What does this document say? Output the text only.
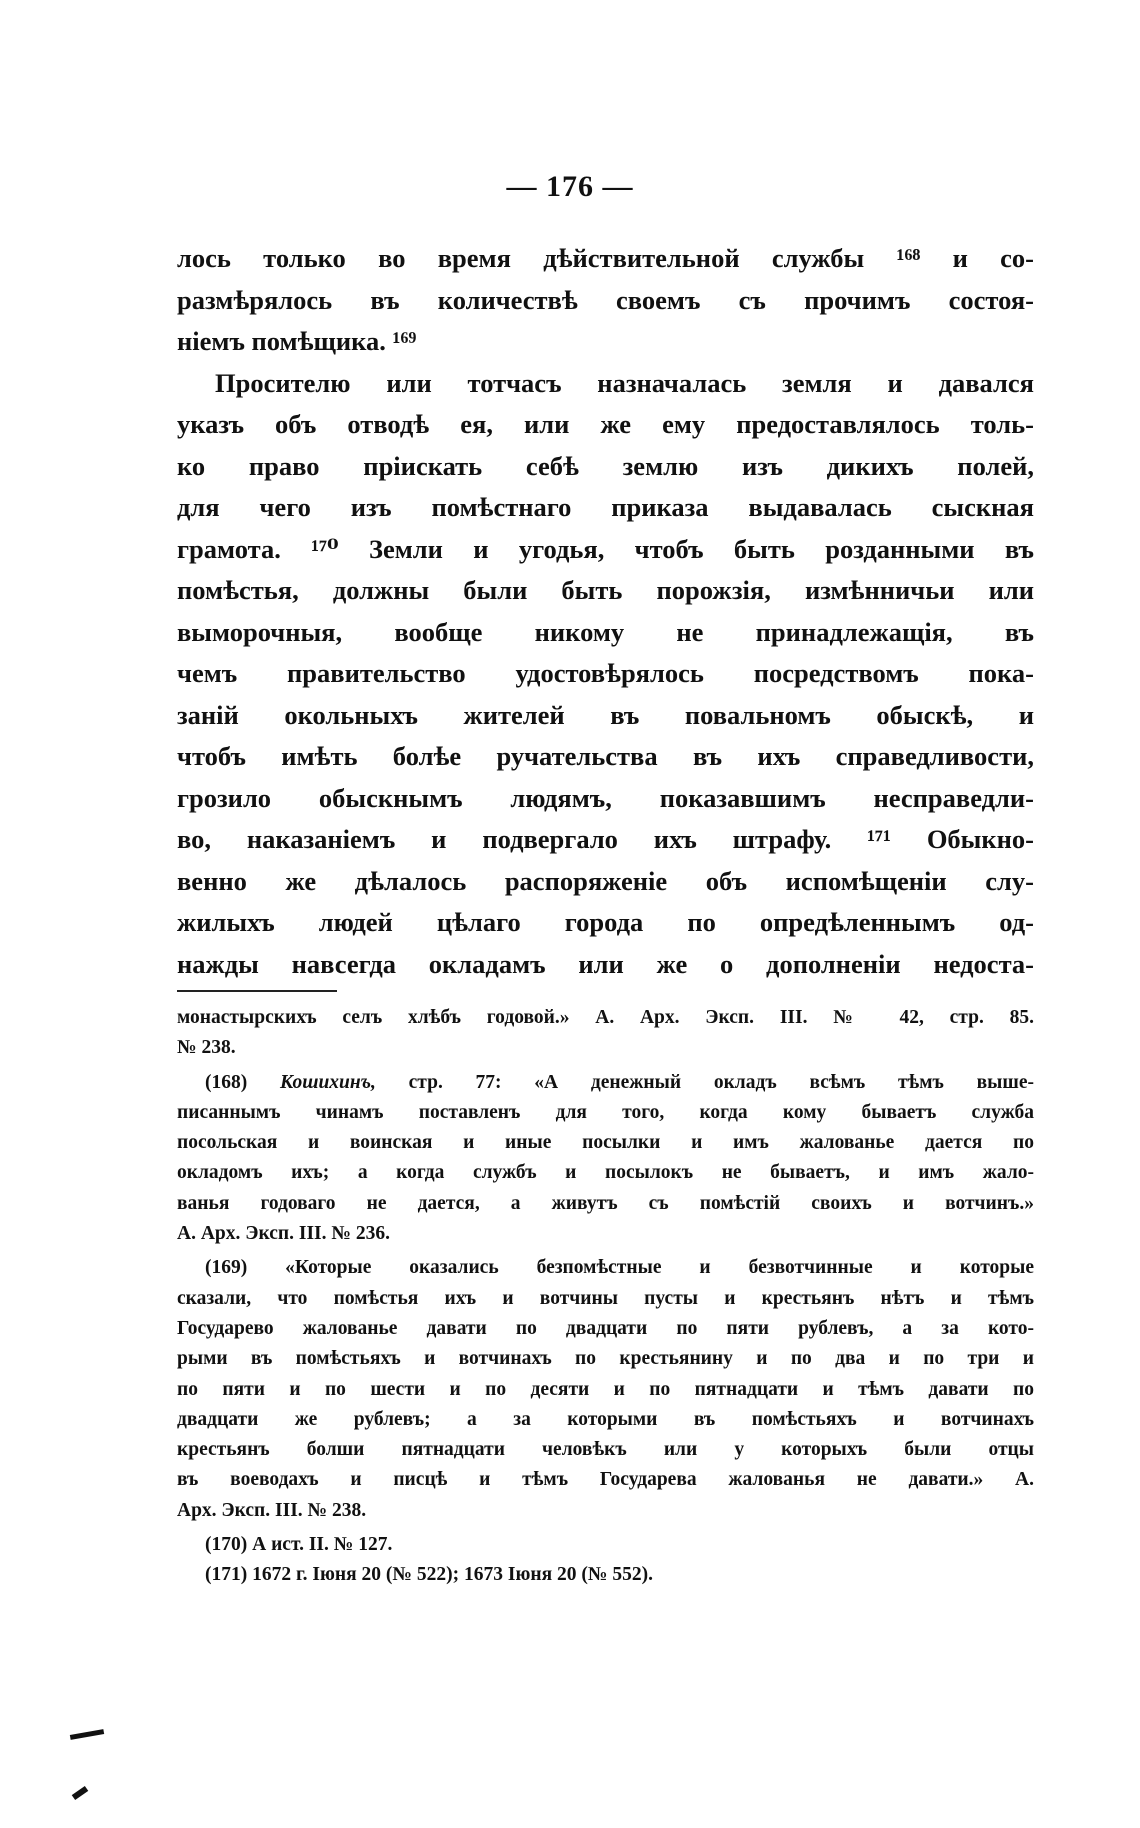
— 176 —
лось только во время дѣйствительной службы ¹⁶⁸ и со-
размѣрялось въ количествѣ своемъ съ прочимъ состоя-
ніемъ помѣщика. ¹⁶⁹
Просителю или тотчасъ назначалась земля и давался
указъ объ отводѣ ея, или же ему предоставлялось толь-
ко право пріискать себѣ землю изъ дикихъ полей,
для чего изъ помѣстнаго приказа выдавалась сыскная
грамота. ¹⁷⁰ Земли и угодья, чтобъ быть розданными въ
помѣстья, должны были быть порожзія, измѣнничьи или
выморочныя, вообще никому не принадлежащія, въ
чемъ правительство удостовѣрялось посредствомъ пока-
заній окольныхъ жителей въ повальномъ обыскѣ, и
чтобъ имѣть болѣе ручательства въ ихъ справедливости,
грозило обыскнымъ людямъ, показавшимъ несправедли-
во, наказаніемъ и подвергало ихъ штрафу. ¹⁷¹ Обыкно-
венно же дѣлалось распоряженіе объ испомѣщеніи слу-
жилыхъ людей цѣлаго города по опредѣленнымъ од-
нажды навсегда окладамъ или же о дополненіи недоста-
монастырскихъ селъ хлѣбъ годовой.» А. Арх. Эксп. III. № 42, стр. 85.
№ 238.
(168) Кошихинъ, стр. 77: «А денежный окладъ всѣмъ тѣмъ выше-
писаннымъ чинамъ поставленъ для того, когда кому бываетъ служба
посольская и воинская и иные посылки и имъ жалованье дается по
окладомъ ихъ; а когда службъ и посылокъ не бываетъ, и имъ жало-
ванья годоваго не дается, а живутъ съ помѣстій своихъ и вотчинъ.»
А. Арх. Эксп. III. № 236.
(169) «Которые оказались безпомѣстные и безвотчинные и которые
сказали, что помѣстья ихъ и вотчины пусты и крестьянъ нѣтъ и тѣмъ
Государево жалованье давати по двадцати по пяти рублевъ, а за кото-
рыми въ помѣстьяхъ и вотчинахъ по крестьянину и по два и по три и
по пяти и по шести и по десяти и по пятнадцати и тѣмъ давати по
двадцати же рублевъ; а за которыми въ помѣстьяхъ и вотчинахъ
крестьянъ болши пятнадцати человѣкъ или у которыхъ были отцы
въ воеводахъ и писцѣ и тѣмъ Государева жалованья не давати.» А.
Арх. Эксп. III. № 238.
(170) А ист. II. № 127.
(171) 1672 г. Іюня 20 (№ 522); 1673 Іюня 20 (№ 552).
